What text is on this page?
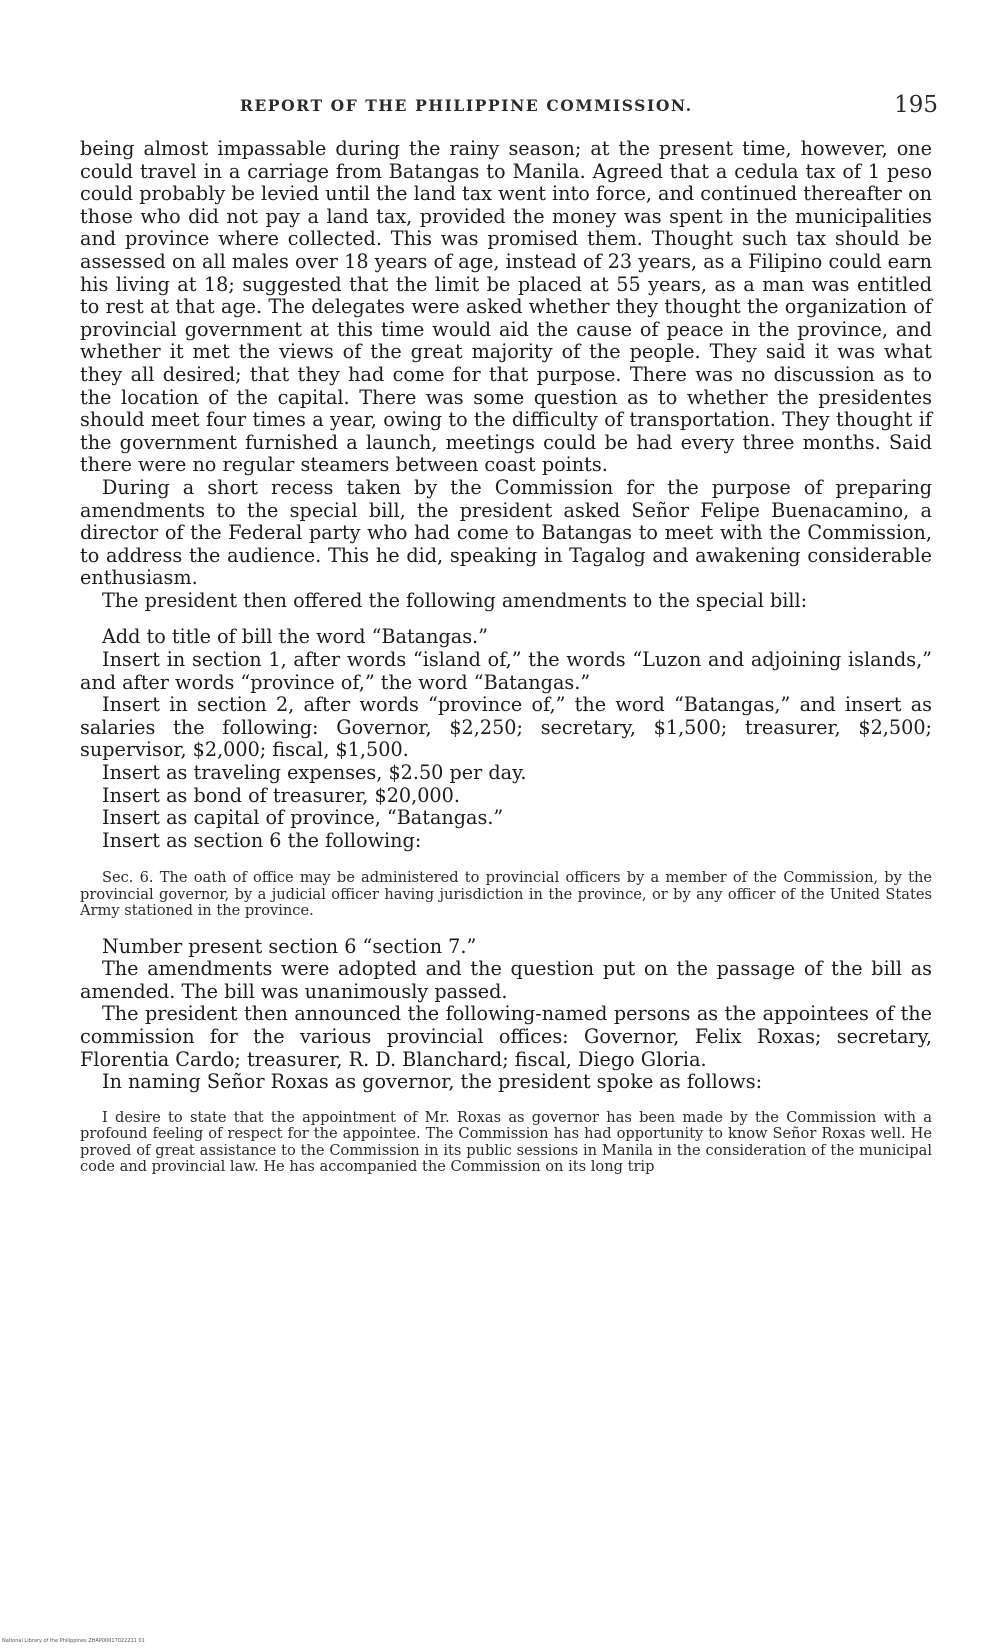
REPORT OF THE PHILIPPINE COMMISSION.	195

being almost impassable during the rainy season; at the present time, however, one could travel in a carriage from Batangas to Manila. Agreed that a cedula tax of 1 peso could probably be levied until the land tax went into force, and continued thereafter on those who did not pay a land tax, provided the money was spent in the municipalities and province where collected. This was promised them. Thought such tax should be assessed on all males over 18 years of age, instead of 23 years, as a Filipino could earn his living at 18; suggested that the limit be placed at 55 years, as a man was entitled to rest at that age. The delegates were asked whether they thought the organization of provincial government at this time would aid the cause of peace in the province, and whether it met the views of the great majority of the people. They said it was what they all desired; that they had come for that purpose. There was no discussion as to the location of the capital. There was some question as to whether the presidentes should meet four times a year, owing to the difficulty of transportation. They thought if the government furnished a launch, meetings could be had every three months. Said there were no regular steamers between coast points.

During a short recess taken by the Commission for the purpose of preparing amendments to the special bill, the president asked Señor Felipe Buenacamino, a director of the Federal party who had come to Batangas to meet with the Commission, to address the audience. This he did, speaking in Tagalog and awakening considerable enthusiasm.

The president then offered the following amendments to the special bill:

Add to title of bill the word “Batangas.”

Insert in section 1, after words “island of,” the words “Luzon and adjoining islands,” and after words “province of,” the word “Batangas.”

Insert in section 2, after words “province of,” the word “Batangas,” and insert as salaries the following: Governor, $2,250; secretary, $1,500; treasurer, $2,500; supervisor, $2,000; fiscal, $1,500.

Insert as traveling expenses, $2.50 per day.

Insert as bond of treasurer, $20,000.

Insert as capital of province, “Batangas.”

Insert as section 6 the following:

Sec. 6. The oath of office may be administered to provincial officers by a member of the Commission, by the provincial governor, by a judicial officer having jurisdiction in the province, or by any officer of the United States Army stationed in the province.

Number present section 6 “section 7.”

The amendments were adopted and the question put on the passage of the bill as amended. The bill was unanimously passed.

The president then announced the following-named persons as the appointees of the commission for the various provincial offices: Governor, Felix Roxas; secretary, Florentia Cardo; treasurer, R. D. Blanchard; fiscal, Diego Gloria.

In naming Señor Roxas as governor, the president spoke as follows:

I desire to state that the appointment of Mr. Roxas as governor has been made by the Commission with a profound feeling of respect for the appointee. The Commission has had opportunity to know Señor Roxas well. He proved of great assistance to the Commission in its public sessions in Manila in the consideration of the municipal code and provincial law. He has accompanied the Commission on its long trip

National Library of the Philippines ZHAP00017022211 01
